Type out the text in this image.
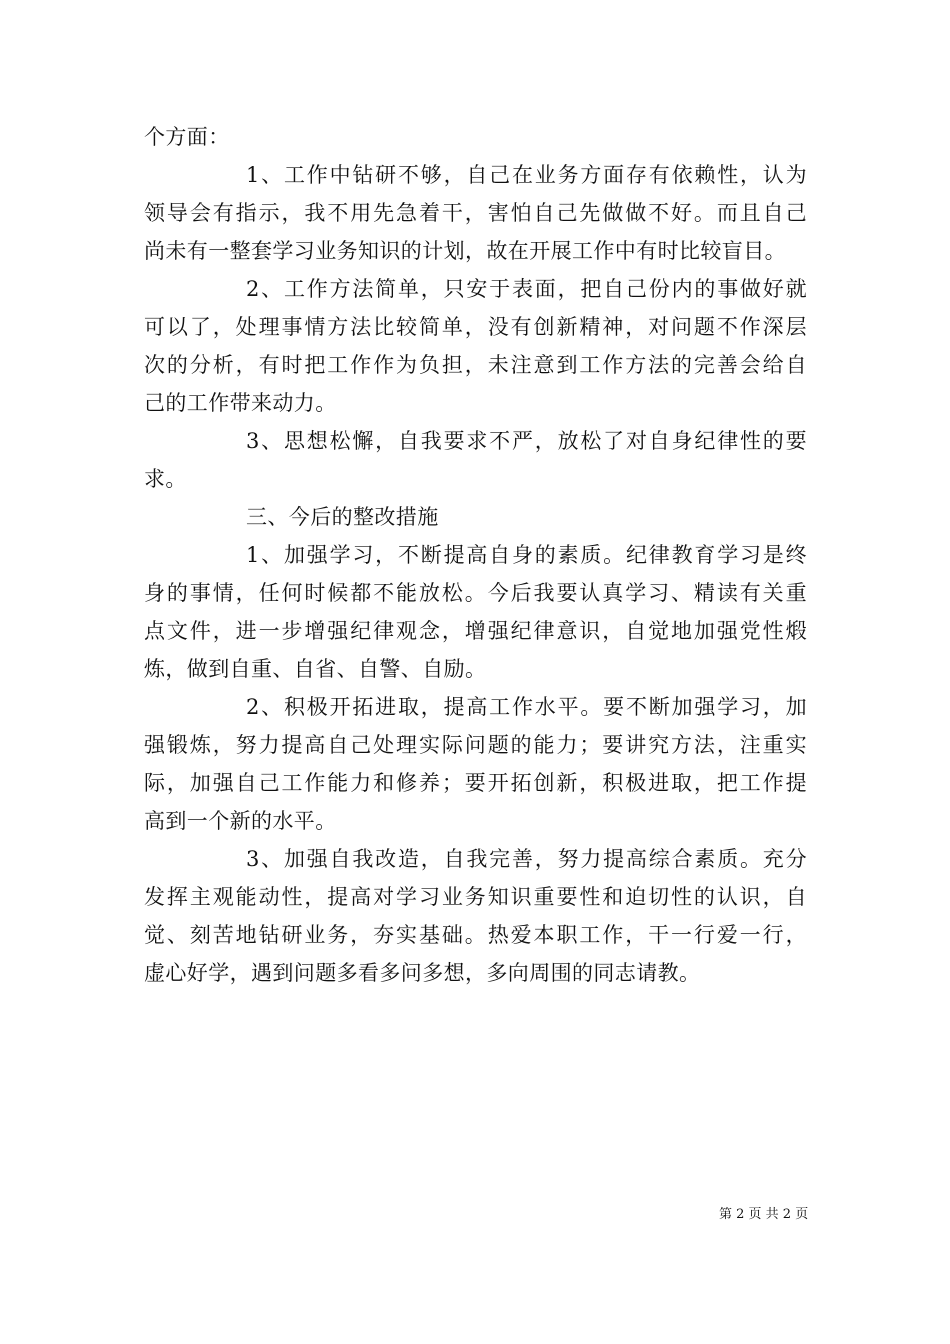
个方面：

1、工作中钻研不够，自己在业务方面存有依赖性，认为

领导会有指示，我不用先急着干，害怕自己先做做不好。而且自己

尚未有一整套学习业务知识的计划，故在开展工作中有时比较盲目。

2、工作方法简单，只安于表面，把自己份内的事做好就

可以了，处理事情方法比较简单，没有创新精神，对问题不作深层

次的分析，有时把工作作为负担，未注意到工作方法的完善会给自

己的工作带来动力。

3、思想松懈，自我要求不严，放松了对自身纪律性的要

求。

三、今后的整改措施

1、加强学习，不断提高自身的素质。纪律教育学习是终

身的事情，任何时候都不能放松。今后我要认真学习、精读有关重

点文件，进一步增强纪律观念，增强纪律意识，自觉地加强党性煅

炼，做到自重、自省、自警、自励。

2、积极开拓进取，提高工作水平。要不断加强学习，加

强锻炼，努力提高自己处理实际问题的能力；要讲究方法，注重实

际，加强自己工作能力和修养；要开拓创新，积极进取，把工作提

高到一个新的水平。

3、加强自我改造，自我完善，努力提高综合素质。充分

发挥主观能动性，提高对学习业务知识重要性和迫切性的认识，自

觉、刻苦地钻研业务，夯实基础。热爱本职工作，干一行爱一行，

虚心好学，遇到问题多看多问多想，多向周围的同志请教。

第 2 页 共 2 页
